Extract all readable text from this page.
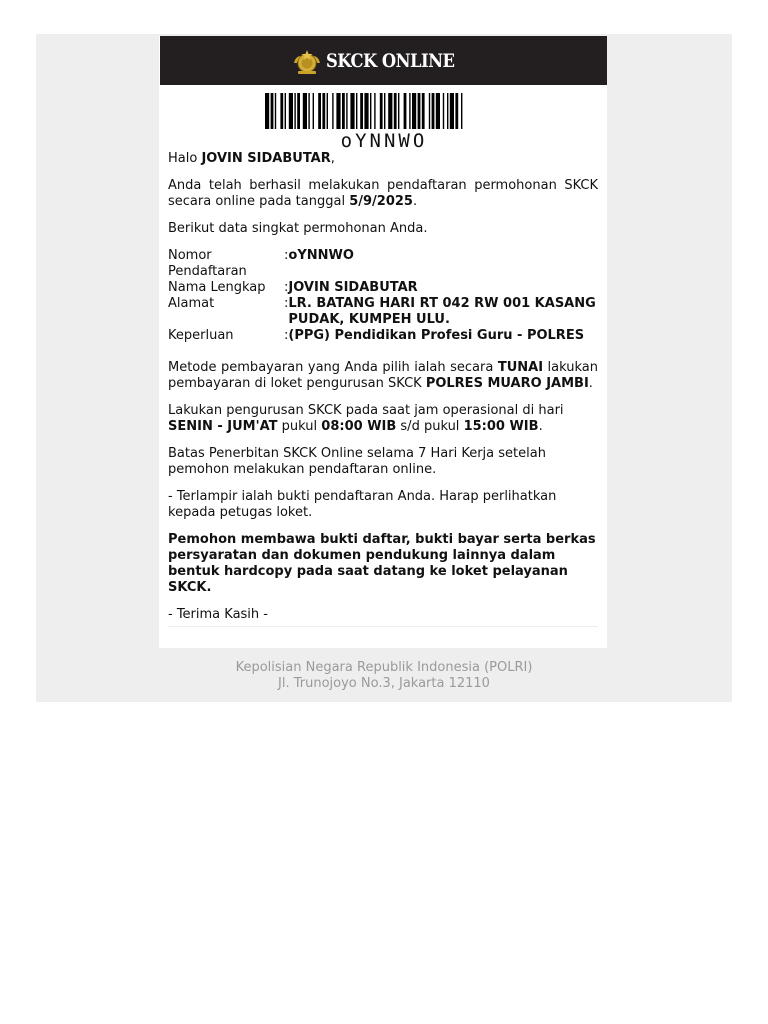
SKCK ONLINE
oYNNWO

Halo JOVIN SIDABUTAR,

Anda telah berhasil melakukan pendaftaran permohonan SKCK secara online pada tanggal 5/9/2025.

Berikut data singkat permohonan Anda.

Nomor Pendaftaran	:	oYNNWO
Nama Lengkap	:	JOVIN SIDABUTAR
Alamat	:	LR. BATANG HARI RT 042 RW 001 KASANG PUDAK, KUMPEH ULU.
Keperluan	:	(PPG) Pendidikan Profesi Guru - POLRES

Metode pembayaran yang Anda pilih ialah secara TUNAI lakukan pembayaran di loket pengurusan SKCK POLRES MUARO JAMBI.

Lakukan pengurusan SKCK pada saat jam operasional di hari SENIN - JUM'AT pukul 08:00 WIB s/d pukul 15:00 WIB.

Batas Penerbitan SKCK Online selama 7 Hari Kerja setelah pemohon melakukan pendaftaran online.

- Terlampir ialah bukti pendaftaran Anda. Harap perlihatkan kepada petugas loket.

Pemohon membawa bukti daftar, bukti bayar serta berkas persyaratan dan dokumen pendukung lainnya dalam bentuk hardcopy pada saat datang ke loket pelayanan SKCK.

- Terima Kasih -

Kepolisian Negara Republik Indonesia (POLRI)
Jl. Trunojoyo No.3, Jakarta 12110
